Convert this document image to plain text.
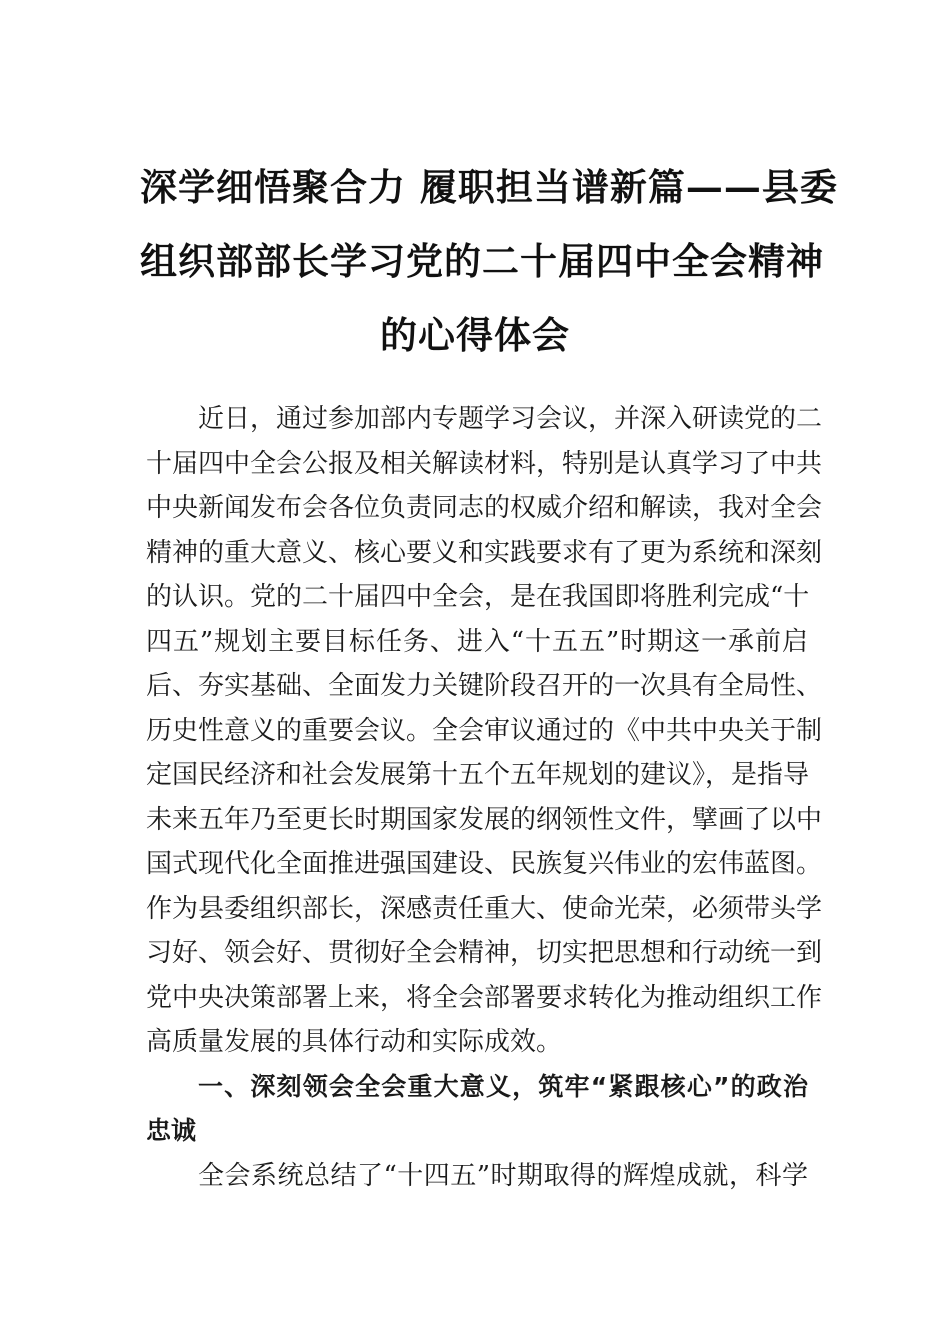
深学细悟聚合力 履职担当谱新篇——县委
组织部部长学习党的二十届四中全会精神
的心得体会
近日，通过参加部内专题学习会议，并深入研读党的二
十届四中全会公报及相关解读材料，特别是认真学习了中共
中央新闻发布会各位负责同志的权威介绍和解读，我对全会
精神的重大意义、核心要义和实践要求有了更为系统和深刻
的认识。党的二十届四中全会，是在我国即将胜利完成“十
四五”规划主要目标任务、进入“十五五”时期这一承前启
后、夯实基础、全面发力关键阶段召开的一次具有全局性、
历史性意义的重要会议。全会审议通过的《中共中央关于制
定国民经济和社会发展第十五个五年规划的建议》，是指导
未来五年乃至更长时期国家发展的纲领性文件，擘画了以中
国式现代化全面推进强国建设、民族复兴伟业的宏伟蓝图。
作为县委组织部长，深感责任重大、使命光荣，必须带头学
习好、领会好、贯彻好全会精神，切实把思想和行动统一到
党中央决策部署上来，将全会部署要求转化为推动组织工作
高质量发展的具体行动和实际成效。
一、深刻领会全会重大意义，筑牢“紧跟核心”的政治
忠诚
全会系统总结了“十四五”时期取得的辉煌成就，科学
